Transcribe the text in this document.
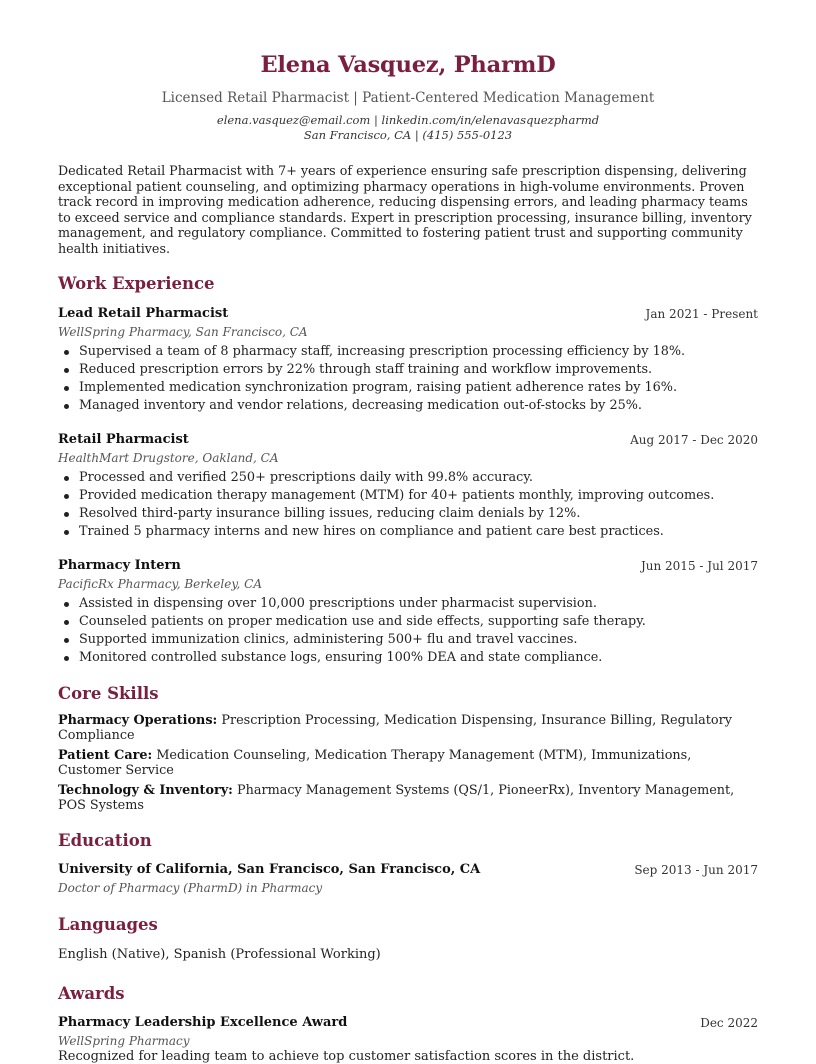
Elena Vasquez, PharmD
Licensed Retail Pharmacist | Patient-Centered Medication Management
elena.vasquez@email.com | linkedin.com/in/elenavasquezpharmd
San Francisco, CA | (415) 555-0123
Dedicated Retail Pharmacist with 7+ years of experience ensuring safe prescription dispensing, delivering exceptional patient counseling, and optimizing pharmacy operations in high-volume environments. Proven track record in improving medication adherence, reducing dispensing errors, and leading pharmacy teams to exceed service and compliance standards. Expert in prescription processing, insurance billing, inventory management, and regulatory compliance. Committed to fostering patient trust and supporting community health initiatives.
Work Experience
Lead Retail Pharmacist	Jan 2021 - Present
WellSpring Pharmacy, San Francisco, CA
Supervised a team of 8 pharmacy staff, increasing prescription processing efficiency by 18%.
Reduced prescription errors by 22% through staff training and workflow improvements.
Implemented medication synchronization program, raising patient adherence rates by 16%.
Managed inventory and vendor relations, decreasing medication out-of-stocks by 25%.
Retail Pharmacist	Aug 2017 - Dec 2020
HealthMart Drugstore, Oakland, CA
Processed and verified 250+ prescriptions daily with 99.8% accuracy.
Provided medication therapy management (MTM) for 40+ patients monthly, improving outcomes.
Resolved third-party insurance billing issues, reducing claim denials by 12%.
Trained 5 pharmacy interns and new hires on compliance and patient care best practices.
Pharmacy Intern	Jun 2015 - Jul 2017
PacificRx Pharmacy, Berkeley, CA
Assisted in dispensing over 10,000 prescriptions under pharmacist supervision.
Counseled patients on proper medication use and side effects, supporting safe therapy.
Supported immunization clinics, administering 500+ flu and travel vaccines.
Monitored controlled substance logs, ensuring 100% DEA and state compliance.
Core Skills
Pharmacy Operations: Prescription Processing, Medication Dispensing, Insurance Billing, Regulatory Compliance
Patient Care: Medication Counseling, Medication Therapy Management (MTM), Immunizations, Customer Service
Technology & Inventory: Pharmacy Management Systems (QS/1, PioneerRx), Inventory Management, POS Systems
Education
University of California, San Francisco, San Francisco, CA	Sep 2013 - Jun 2017
Doctor of Pharmacy (PharmD) in Pharmacy
Languages
English (Native), Spanish (Professional Working)
Awards
Pharmacy Leadership Excellence Award	Dec 2022
WellSpring Pharmacy
Recognized for leading team to achieve top customer satisfaction scores in the district.
